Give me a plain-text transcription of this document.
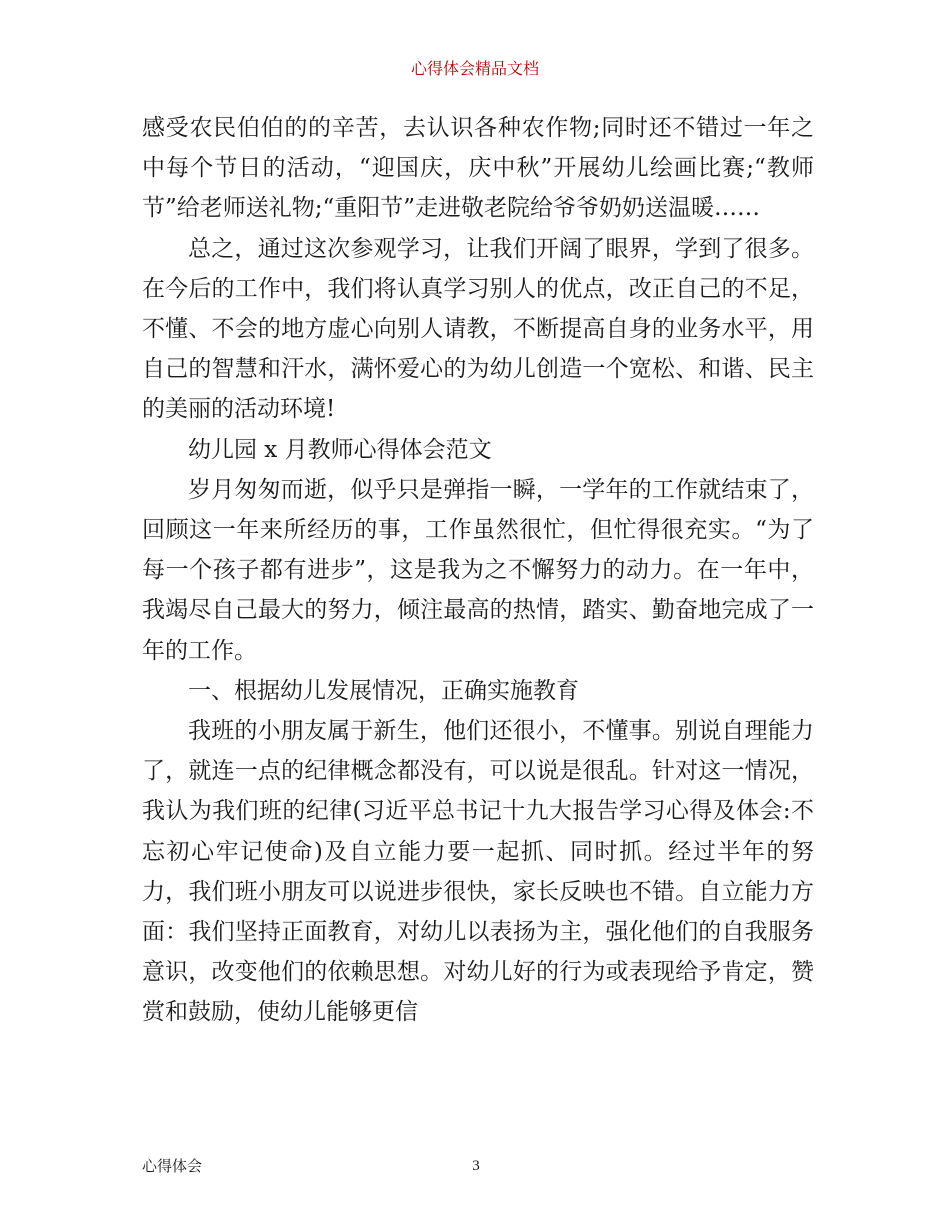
心得体会精品文档

感受农民伯伯的的辛苦，去认识各种农作物;同时还不错过一年之中每个节日的活动，“迎国庆，庆中秋”开展幼儿绘画比赛;“教师节”给老师送礼物;“重阳节”走进敬老院给爷爷奶奶送温暖……

总之，通过这次参观学习，让我们开阔了眼界，学到了很多。在今后的工作中，我们将认真学习别人的优点，改正自己的不足，不懂、不会的地方虚心向别人请教，不断提高自身的业务水平，用自己的智慧和汗水，满怀爱心的为幼儿创造一个宽松、和谐、民主的美丽的活动环境!

幼儿园 x 月教师心得体会范文

岁月匆匆而逝，似乎只是弹指一瞬，一学年的工作就结束了，回顾这一年来所经历的事，工作虽然很忙，但忙得很充实。“为了每一个孩子都有进步”，这是我为之不懈努力的动力。在一年中，我竭尽自己最大的努力，倾注最高的热情，踏实、勤奋地完成了一年的工作。

一、根据幼儿发展情况，正确实施教育

我班的小朋友属于新生，他们还很小，不懂事。别说自理能力了，就连一点的纪律概念都没有，可以说是很乱。针对这一情况，我认为我们班的纪律(习近平总书记十九大报告学习心得及体会:不忘初心牢记使命)及自立能力要一起抓、同时抓。经过半年的努力，我们班小朋友可以说进步很快，家长反映也不错。自立能力方面：我们坚持正面教育，对幼儿以表扬为主，强化他们的自我服务意识，改变他们的依赖思想。对幼儿好的行为或表现给予肯定，赞赏和鼓励，使幼儿能够更信

心得体会	3
